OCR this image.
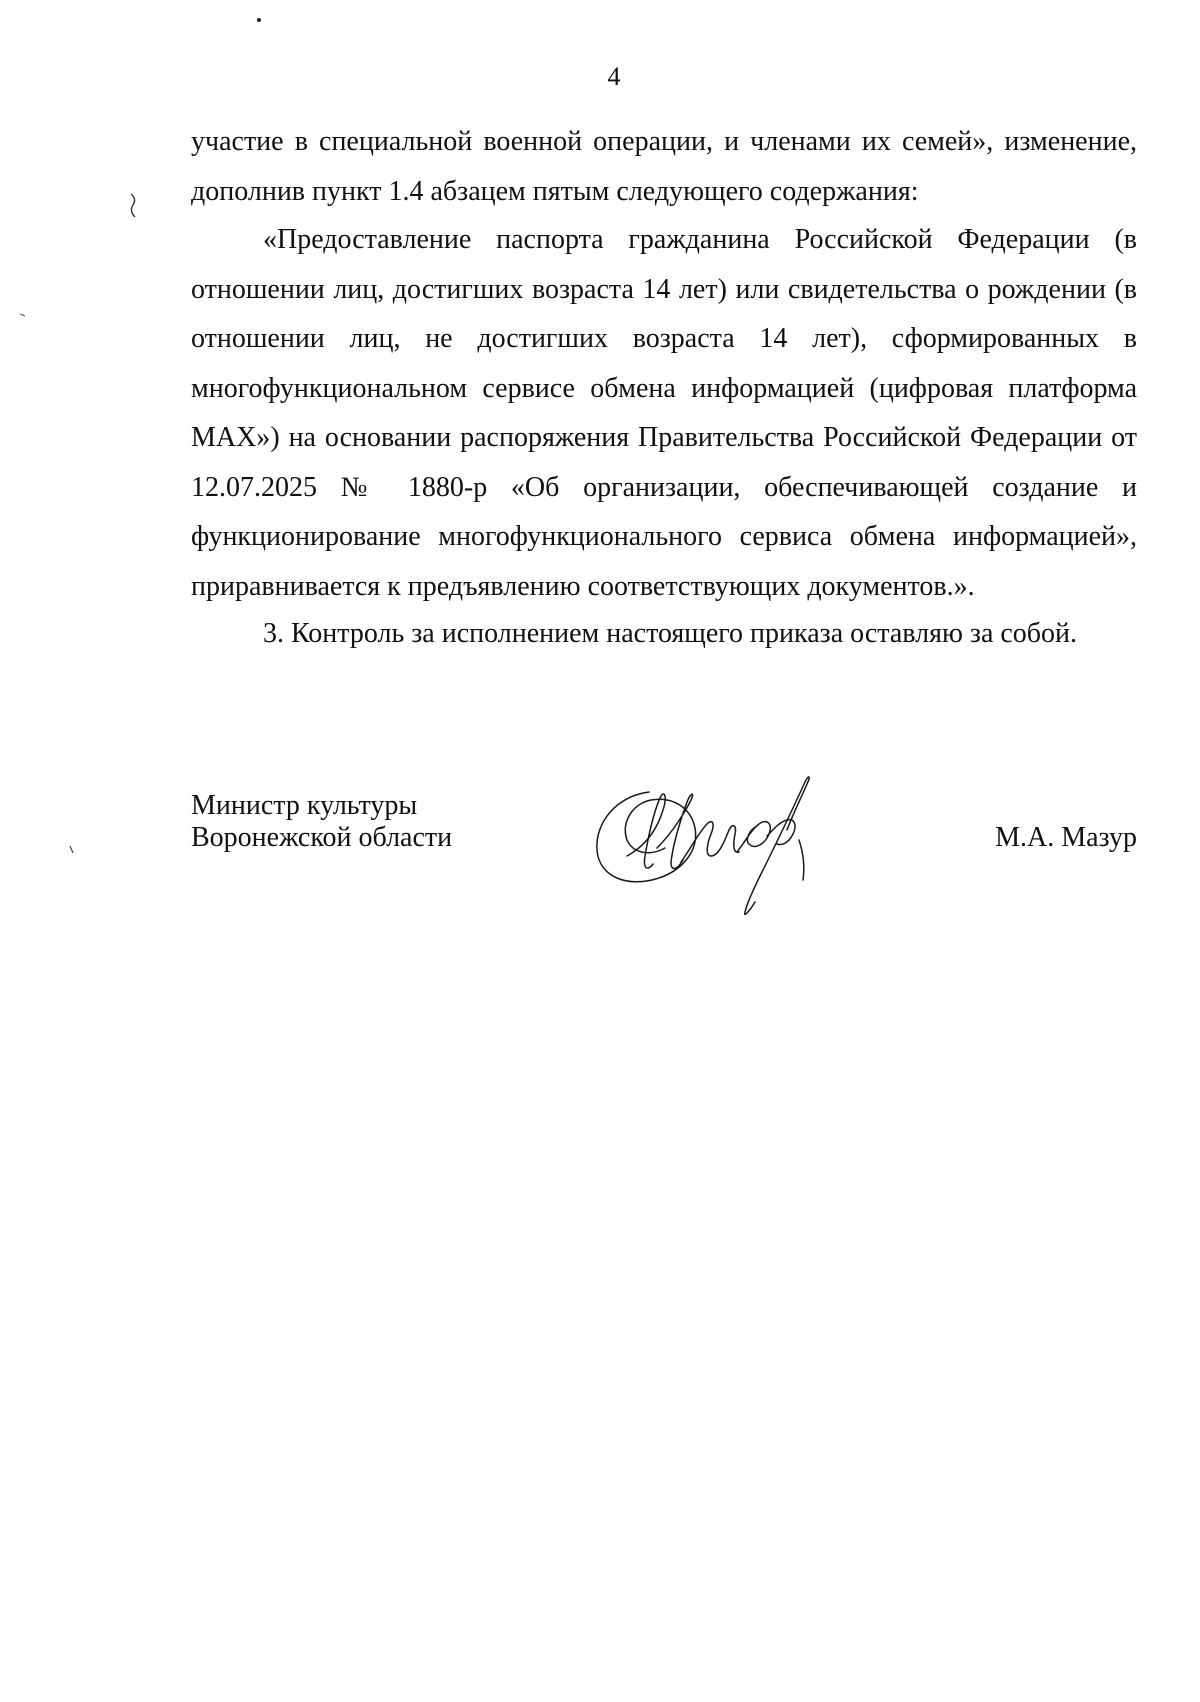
4

участие в специальной военной операции, и членами их семей», изменение, дополнив пункт 1.4 абзацем пятым следующего содержания:

«Предоставление паспорта гражданина Российской Федерации (в отношении лиц, достигших возраста 14 лет) или свидетельства о рождении (в отношении лиц, не достигших возраста 14 лет), сформированных в многофункциональном сервисе обмена информацией (цифровая платформа MAX») на основании распоряжения Правительства Российской Федерации от 12.07.2025 № 1880-р «Об организации, обеспечивающей создание и функционирование многофункционального сервиса обмена информацией», приравнивается к предъявлению соответствующих документов.».

3. Контроль за исполнением настоящего приказа оставляю за собой.

Министр культуры
Воронежской области	М.А. Мазур
